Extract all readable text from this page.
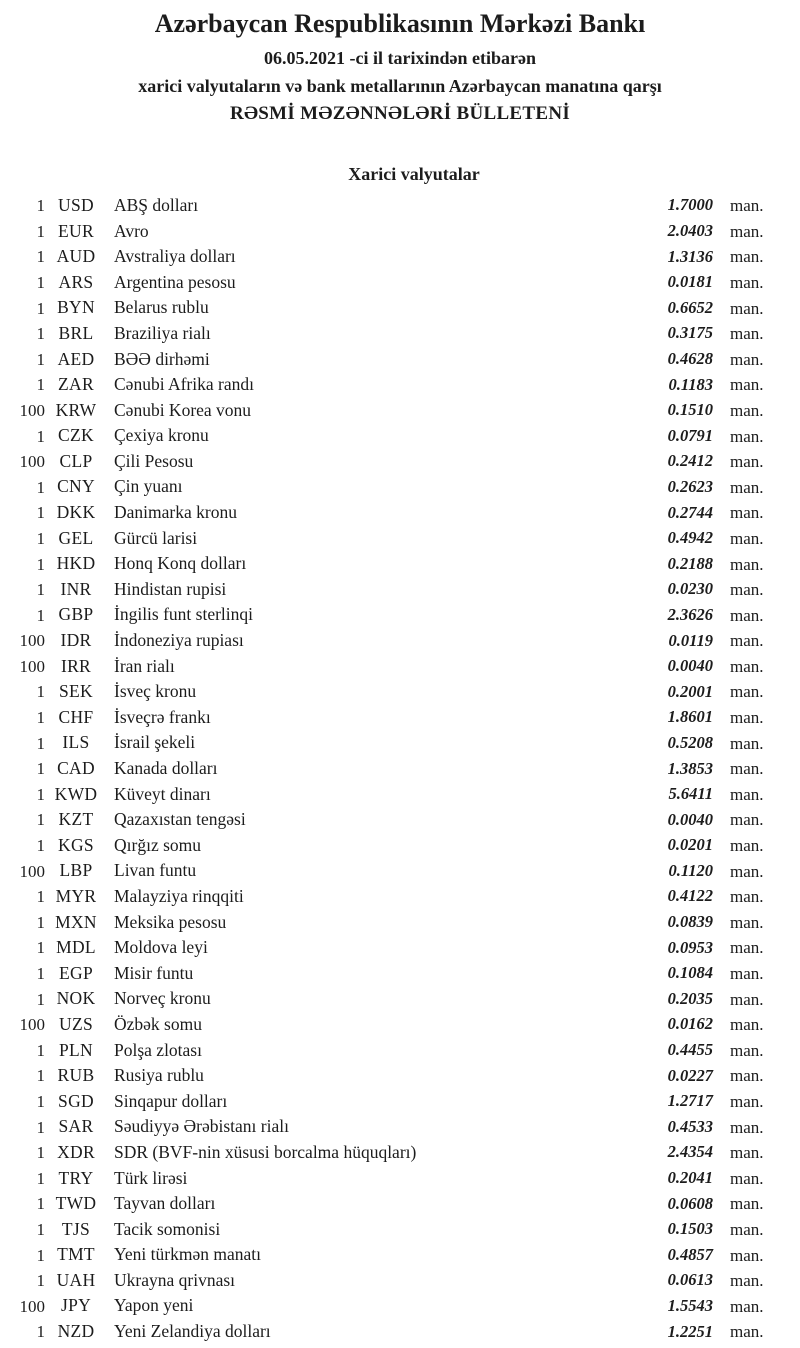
Azərbaycan Respublikasının Mərkəzi Bankı
06.05.2021 -ci il tarixindən etibarən
xarici valyutaların və bank metallarının Azərbaycan manatına qarşı
RƏSMİ MƏZƏNNƏLƏRİ BÜLLETENİ
Xarici valyutalar
1 USD	ABŞ dolları	1.7000	man.
1 EUR	Avro	2.0403	man.
1 AUD	Avstraliya dolları	1.3136	man.
1 ARS	Argentina pesosu	0.0181	man.
1 BYN	Belarus rublu	0.6652	man.
1 BRL	Braziliya rialı	0.3175	man.
1 AED	BƏƏ dirhəmi	0.4628	man.
1 ZAR	Cənubi Afrika randı	0.1183	man.
100 KRW	Cənubi Korea vonu	0.1510	man.
1 CZK	Çexiya kronu	0.0791	man.
100 CLP	Çili Pesosu	0.2412	man.
1 CNY	Çin yuanı	0.2623	man.
1 DKK	Danimarka kronu	0.2744	man.
1 GEL	Gürcü larisi	0.4942	man.
1 HKD	Honq Konq dolları	0.2188	man.
1 INR	Hindistan rupisi	0.0230	man.
1 GBP	İngilis funt sterlinqi	2.3626	man.
100 IDR	İndoneziya rupiası	0.0119	man.
100 IRR	İran rialı	0.0040	man.
1 SEK	İsveç kronu	0.2001	man.
1 CHF	İsveçrə frankı	1.8601	man.
1 ILS	İsrail şekeli	0.5208	man.
1 CAD	Kanada dolları	1.3853	man.
1 KWD Küveyt dinarı	5.6411	man.
1 KZT	Qazaxıstan tengəsi	0.0040	man.
1 KGS	Qırğız somu	0.0201	man.
100 LBP	Livan funtu	0.1120	man.
1 MYR	Malayziya rinqqiti	0.4122	man.
1 MXN Meksika pesosu	0.0839	man.
1 MDL	Moldova leyi	0.0953	man.
1 EGP	Misir funtu	0.1084	man.
1 NOK	Norveç kronu	0.2035	man.
100 UZS	Özbək somu	0.0162	man.
1 PLN	Polşa zlotası	0.4455	man.
1 RUB	Rusiya rublu	0.0227	man.
1 SGD	Sinqapur dolları	1.2717	man.
1 SAR	Səudiyyə Ərəbistanı rialı	0.4533	man.
1 XDR	SDR (BVF-nin xüsusi borcalma hüquqları)	2.4354	man.
1 TRY	Türk lirəsi	0.2041	man.
1 TWD	Tayvan dolları	0.0608	man.
1 TJS	Tacik somonisi	0.1503	man.
1 TMT	Yeni türkmən manatı	0.4857	man.
1 UAH	Ukrayna qrivnası	0.0613	man.
100 JPY	Yapon yeni	1.5543	man.
1 NZD	Yeni Zelandiya dolları	1.2251	man.
